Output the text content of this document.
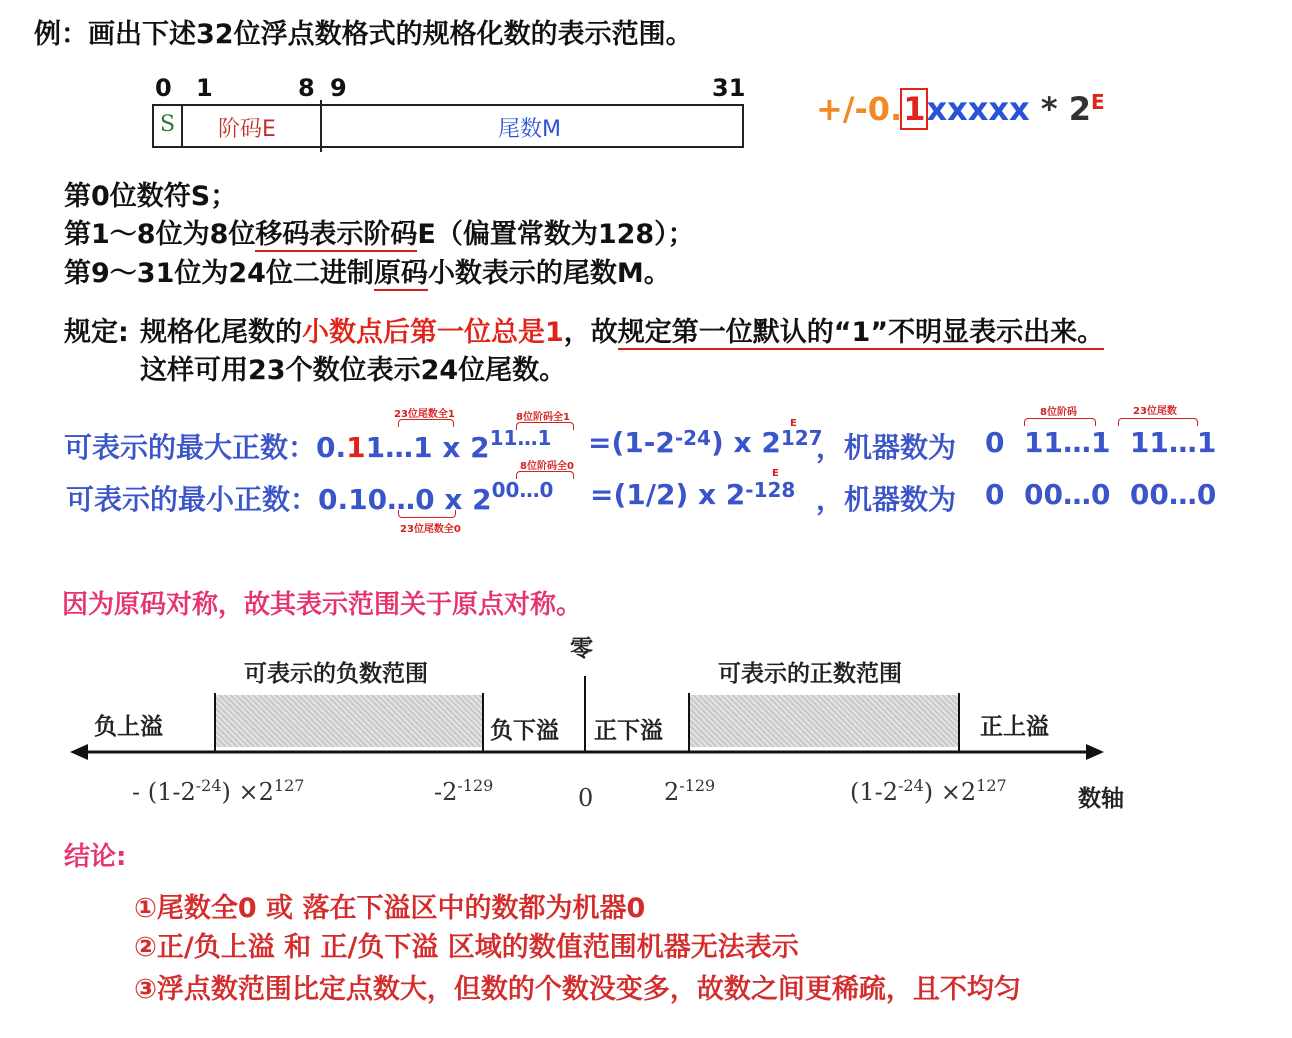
例：画出下述32位浮点数格式的规格化数的表示范围。
0 1	8 9	31
S 阶码E	尾数M
+/-0.1xxxxx * $2^E$
第0位数符S；
第1～8位为8位移码表示阶码E（偏置常数为128）；
第9～31位为24位二进制原码小数表示的尾数M。
规定: 规格化尾数的小数点后第一位总是1，故规定第一位默认的“1”不明显表示出来。
这样可用23个数位表示24位尾数。
23位尾数全1	8位阶码全1
E
8位阶码	23位尾数
可表示的最大正数：0.11…1 x $2^{11\dots 1} =(1-2^{-24})$ x $2^{127}$
，机器数为 0  11…1  11…1
8位阶码全0
E
23位尾数全0
可表示的最小正数：0.10…0 x $2^{00\dots 0} =(1/2)$ x $2^{-128}$ ，机器数为 0  00…0  00…0
因为原码对称，故其表示范围关于原点对称。
零
可表示的负数范围	可表示的正数范围
负上溢	负下溢 正下溢	正上溢
数轴
- $(1-2^{-24}) \times 2^{127}$	$-2^{-129}$	0	$2^{-129}$	$(1-2^{-24}) \times 2^{127}$
结论:
①尾数全0 或 落在下溢区中的数都为机器0
②正/负上溢 和 正/负下溢 区域的数值范围机器无法表示
③浮点数范围比定点数大，但数的个数没变多，故数之间更稀疏，且不均匀
